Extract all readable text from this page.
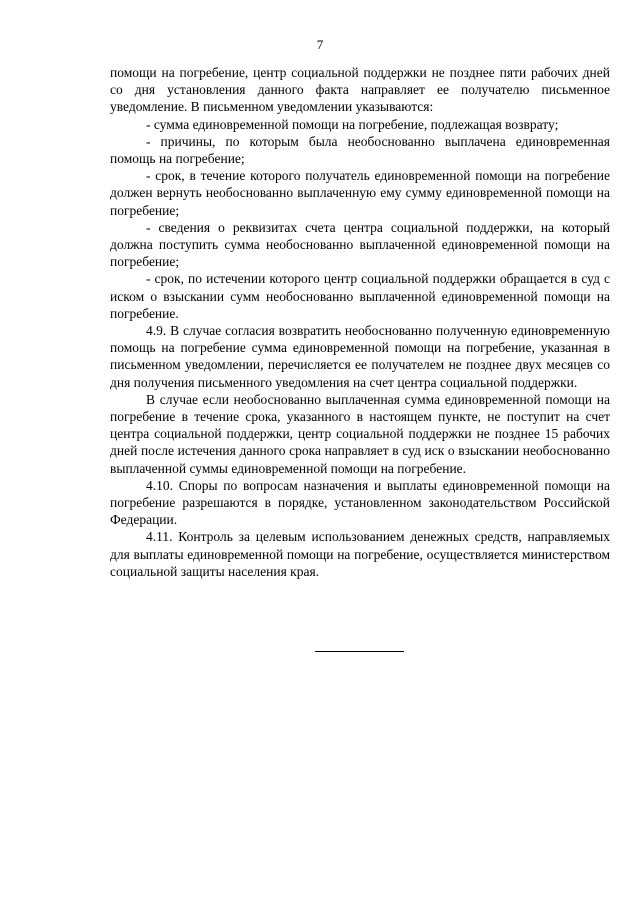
7

помощи на погребение, центр социальной поддержки не позднее пяти рабочих дней со дня установления данного факта направляет ее получателю письменное уведомление. В письменном уведомлении указываются:

- сумма единовременной помощи на погребение, подлежащая возврату;

- причины, по которым была необоснованно выплачена единовременная помощь на погребение;

- срок, в течение которого получатель единовременной помощи на погребение должен вернуть необоснованно выплаченную ему сумму единовременной помощи на погребение;

- сведения о реквизитах счета центра социальной поддержки, на который должна поступить сумма необоснованно выплаченной единовременной помощи на погребение;

- срок, по истечении которого центр социальной поддержки обращается в суд с иском о взыскании сумм необоснованно выплаченной единовременной помощи на погребение.

4.9. В случае согласия возвратить необоснованно полученную единовременную помощь на погребение сумма единовременной помощи на погребение, указанная в письменном уведомлении, перечисляется ее получателем не позднее двух месяцев со дня получения письменного уведомления на счет центра социальной поддержки.

В случае если необоснованно выплаченная сумма единовременной помощи на погребение в течение срока, указанного в настоящем пункте, не поступит на счет центра социальной поддержки, центр социальной поддержки не позднее 15 рабочих дней после истечения данного срока направляет в суд иск о взыскании необоснованно выплаченной суммы единовременной помощи на погребение.

4.10. Споры по вопросам назначения и выплаты единовременной помощи на погребение разрешаются в порядке, установленном законодательством Российской Федерации.

4.11. Контроль за целевым использованием денежных средств, направляемых для выплаты единовременной помощи на погребение, осуществляется министерством социальной защиты населения края.
